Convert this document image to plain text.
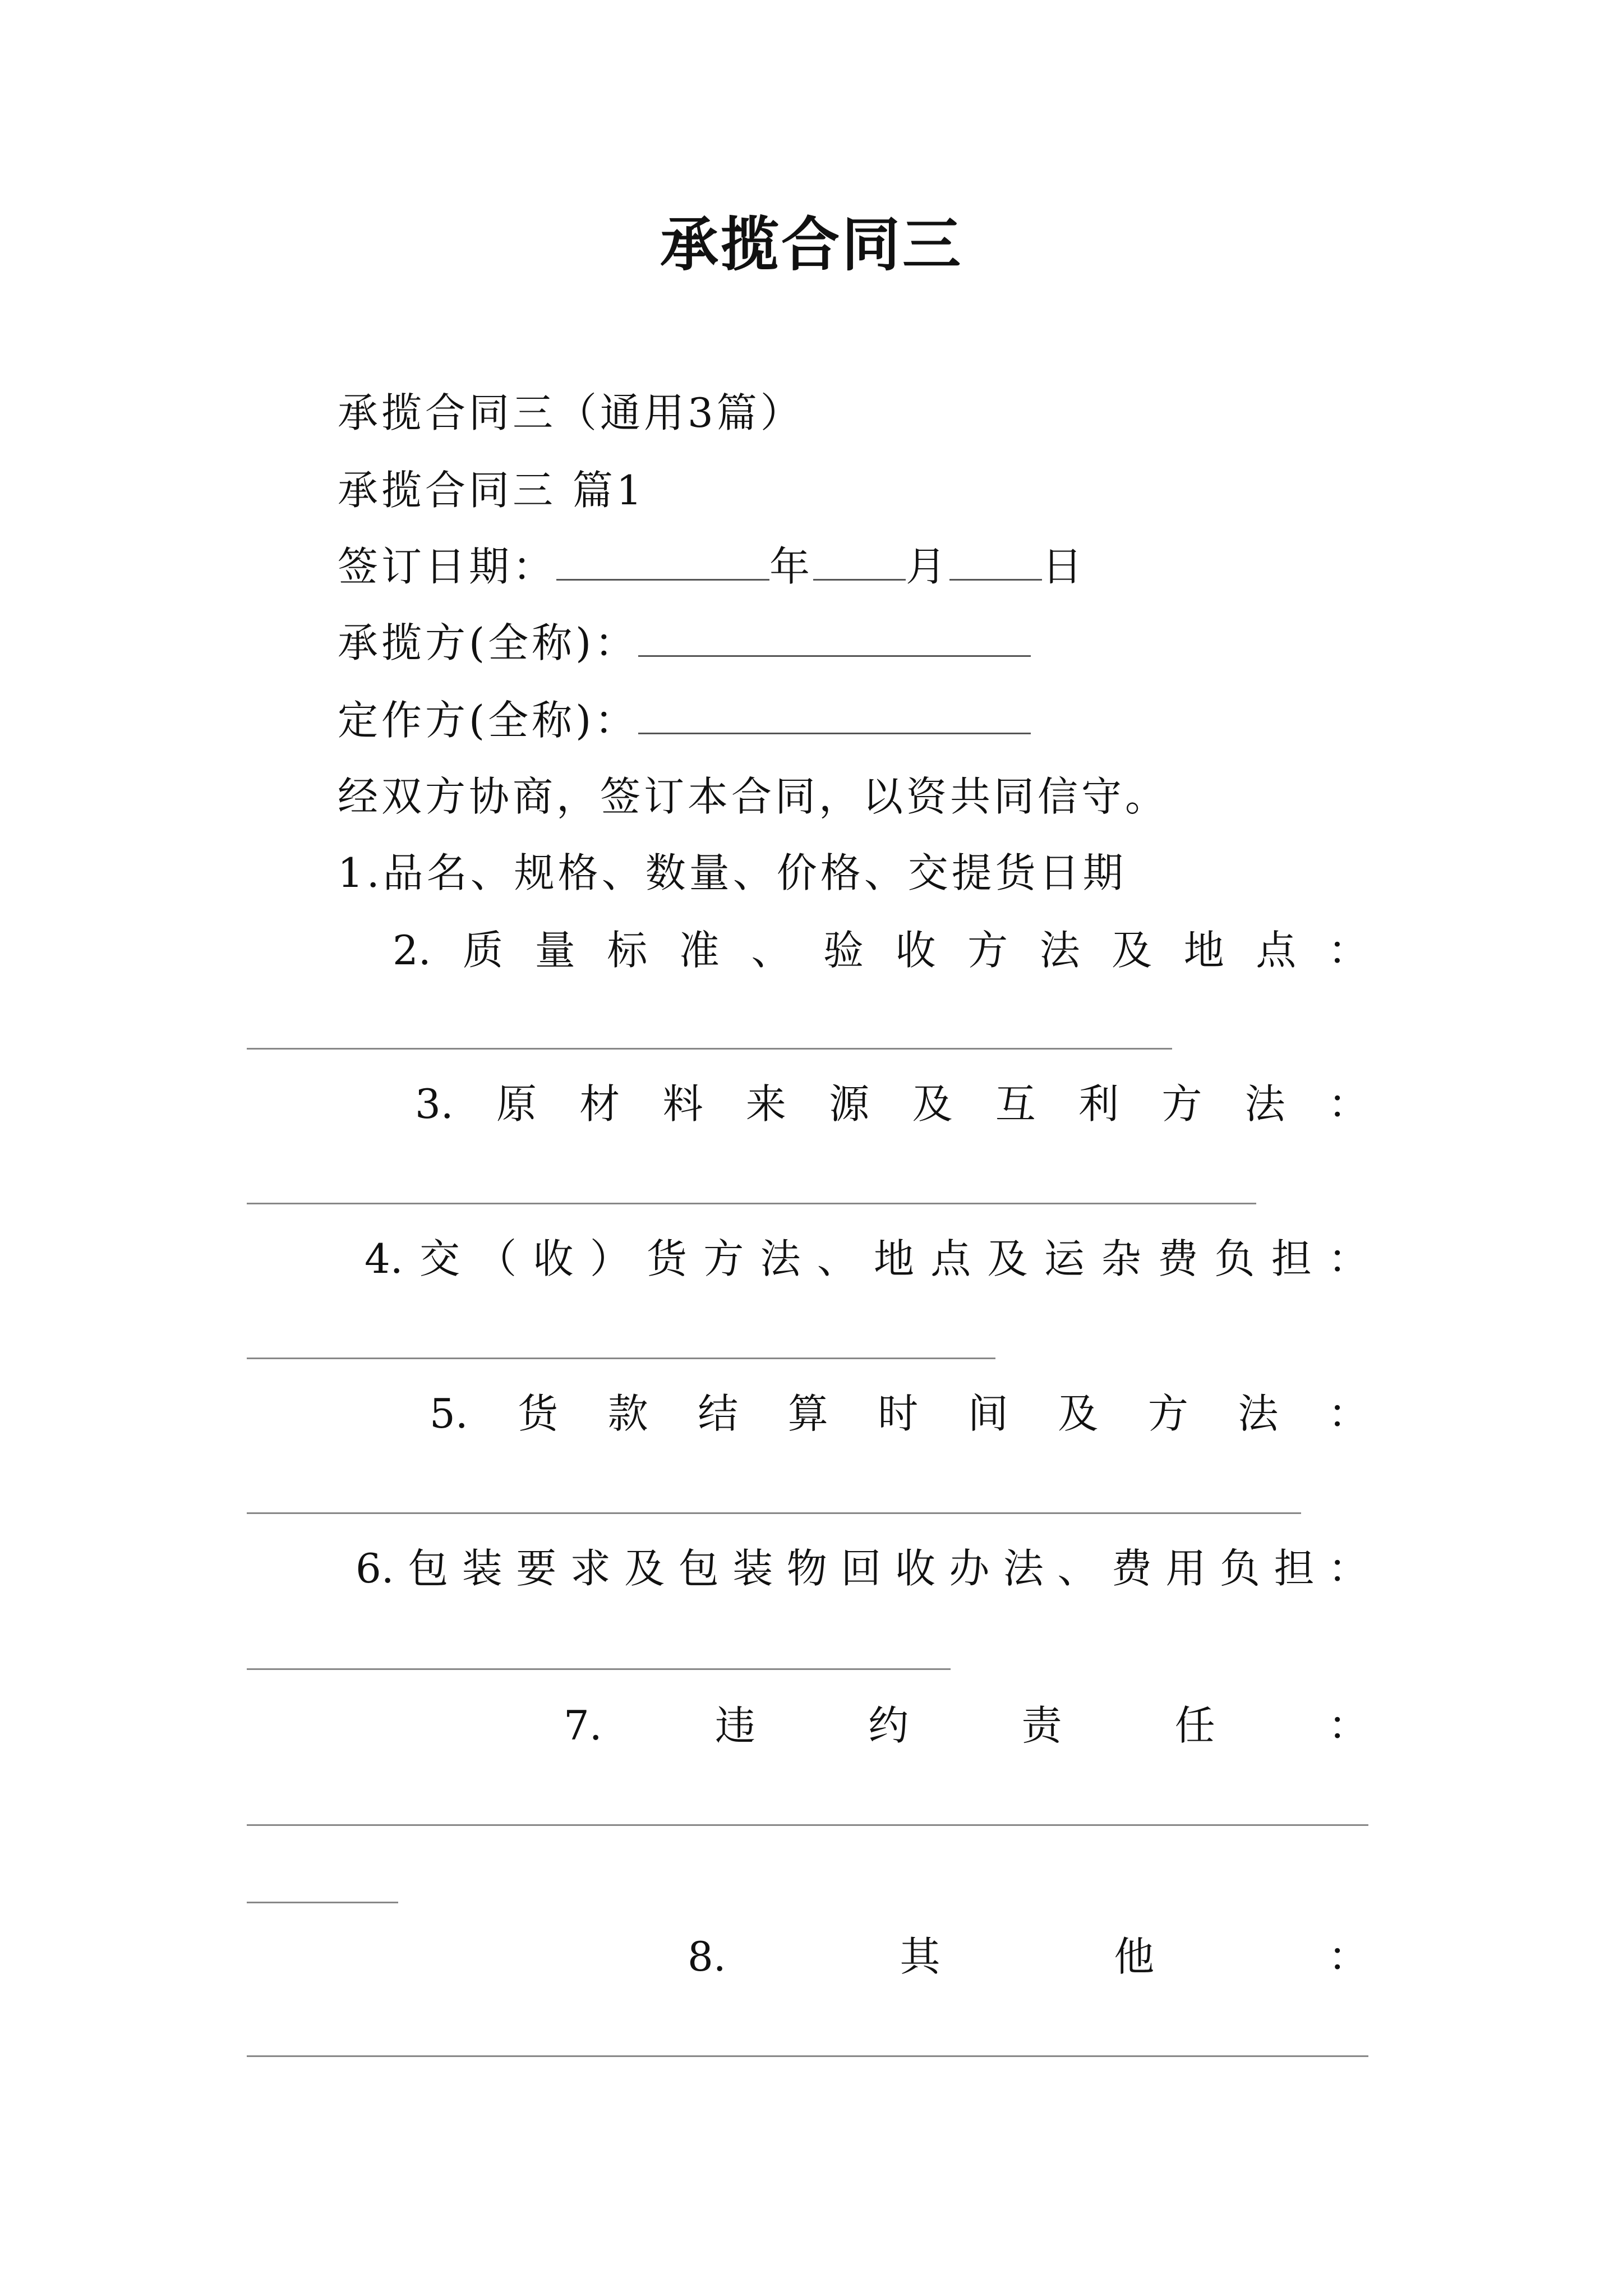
承揽合同三
承揽合同三（通用3篇）
承揽合同三 篇1
签订日期：	年 月 日
承揽方(全称)：
定作方(全称)：
经双方协商，签订本合同，以资共同信守。
1.品名、规格、数量、价格、交提货日期
2. 质 量 标 准 、 验 收 方 法 及 地 点 ：
3. 原 材 料 来 源 及 互 利 方 法 ：
4. 交 （ 收 ） 货 方 法 、 地 点 及 运 杂 费 负 担 ：
5. 货 款 结 算 时 间 及 方 法 ：
6. 包 装 要 求 及 包 装 物 回 收 办 法 、 费 用 负 担 ：
7.	违	约	责	任	：
8.	其	他	：
